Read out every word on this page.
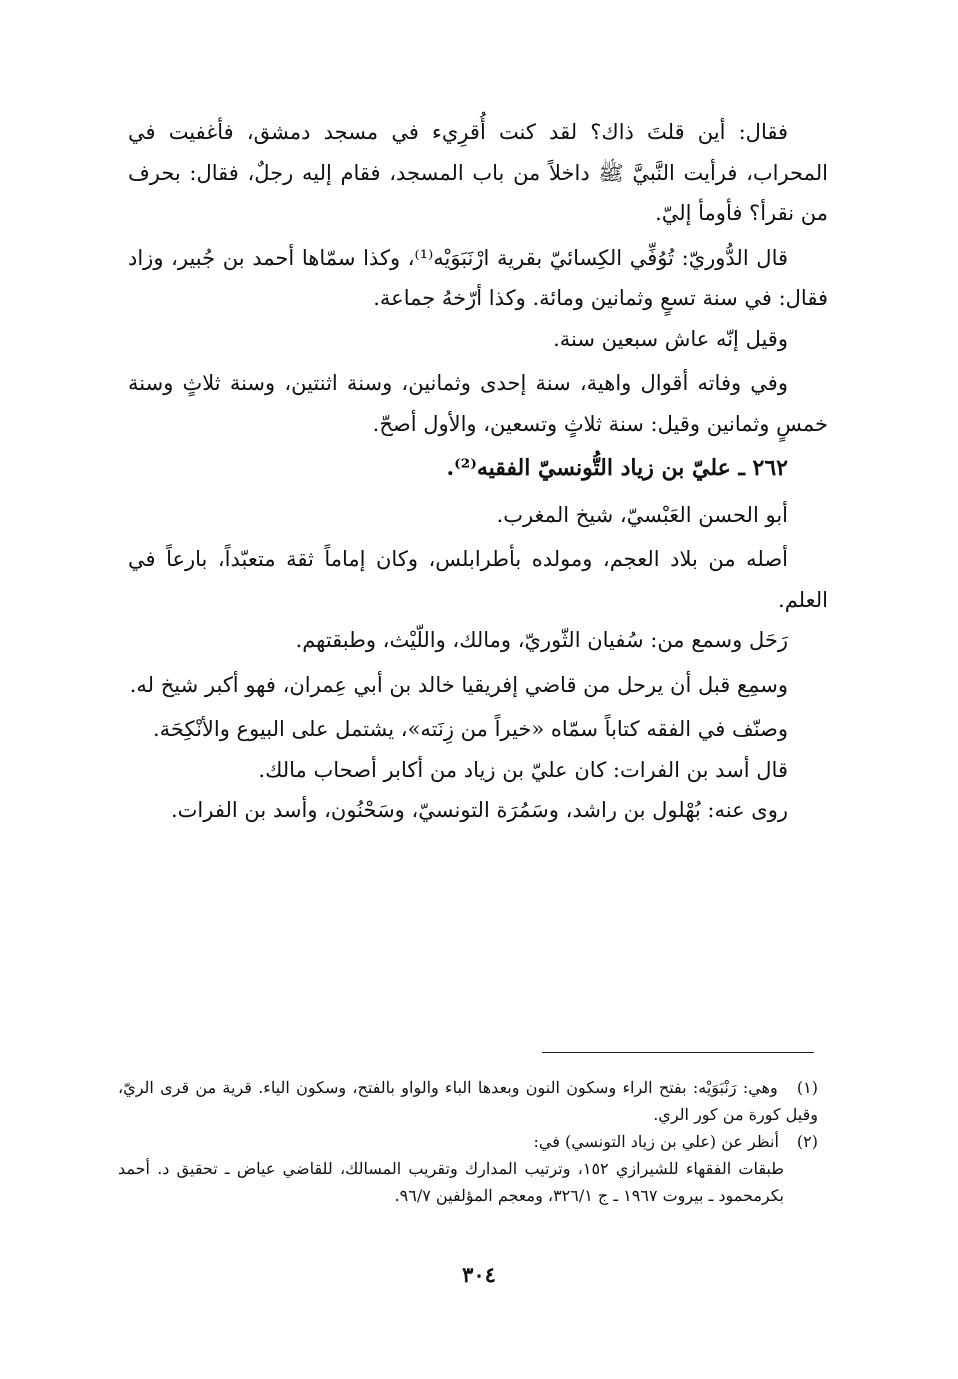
فقال: أين قلتَ ذاك؟ لقد كنت أُقرِيء في مسجد دمشق، فأغفيت في المحراب، فرأيت النَّبيَّ ﷺ داخلاً من باب المسجد، فقام إليه رجلٌ، فقال: بحرف من نقرأ؟ فأومأ إليّ.

قال الدُّوريّ: تُوُفِّي الكِسائيّ بقرية ارْنَبَوَيْه⁽¹⁾، وكذا سمّاها أحمد بن جُبير، وزاد فقال: في سنة تسعٍ وثمانين ومائة. وكذا أرّخهُ جماعة.

وقيل إنّه عاش سبعين سنة.

وفي وفاته أقوال واهية، سنة إحدى وثمانين، وسنة اثنتين، وسنة ثلاثٍ وسنة خمسٍ وثمانين وقيل: سنة ثلاثٍ وتسعين، والأول أصحّ.

٢٦٢ ـ عليّ بن زياد التُّونسيّ الفقيه⁽²⁾.

أبو الحسن العَبْسيّ، شيخ المغرب.

أصله من بلاد العجم، ومولده بأطرابلس، وكان إماماً ثقة متعبّداً، بارعاً في العلم.

رَحَل وسمع من: سُفيان الثّوريّ، ومالك، واللّيْث، وطبقتهم.

وسمِع قبل أن يرحل من قاضي إفريقيا خالد بن أبي عِمران، فهو أكبر شيخ له.

وصنّف في الفقه كتاباً سمّاه «خيراً من زِنَته»، يشتمل على البيوع والأنْكِحَة.

قال أسد بن الفرات: كان عليّ بن زياد من أكابر أصحاب مالك.

روى عنه: بُهْلول بن راشد، وسَمُرَة التونسيّ، وسَحْنُون، وأسد بن الفرات.

(١) وهي: رَنْبَوَيْه: بفتح الراء وسكون النون وبعدها الباء والواو بالفتح، وسكون الياء. قرية من قرى الريّ، وقيل كورة من كور الري.

(٢) أنظر عن (علي بن زياد التونسي) في:

طبقات الفقهاء للشيرازي ١٥٢، وترتيب المدارك وتقريب المسالك، للقاضي عياض ـ تحقيق د. أحمد بكرمحمود ـ بيروت ١٩٦٧ ـ ج ٣٢٦/١، ومعجم المؤلفين ٩٦/٧.

٣٠٤
